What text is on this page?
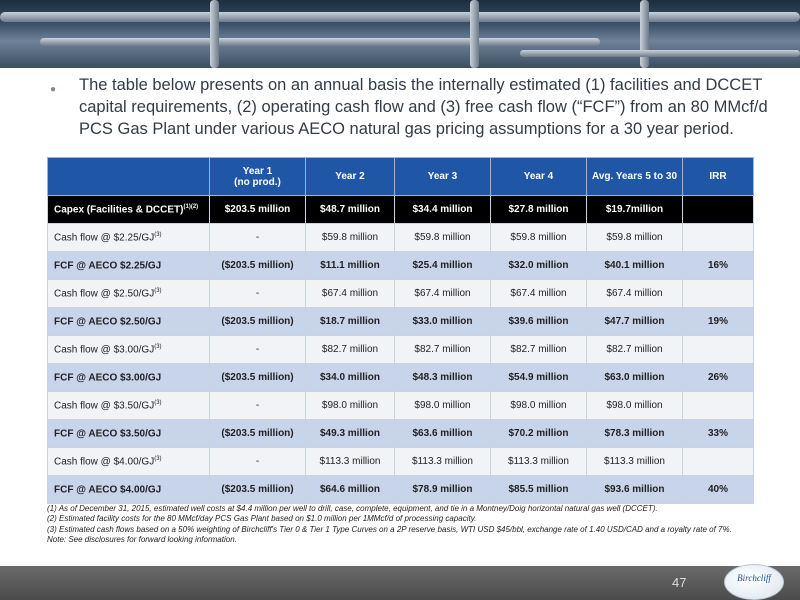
● The table below presents on an annual basis the internally estimated (1) facilities and DCCET capital requirements, (2) operating cash flow and (3) free cash flow (“FCF”) from an 80 MMcf/d PCS Gas Plant under various AECO natural gas pricing assumptions for a 30 year period.
	Year 1
(no prod.)	Year 2	Year 3	Year 4	Avg. Years 5 to 30	IRR
Capex (Facilities & DCCET)$^{(1)(2)}$	$203.5 million	$48.7 million	$34.4 million	$27.8 million	$19.7million	
Cash flow @ $2.25/GJ$^{(3)}$	-	$59.8 million	$59.8 million	$59.8 million	$59.8 million	
FCF @ AECO $2.25/GJ	($203.5 million)	$11.1 million	$25.4 million	$32.0 million	$40.1 million	16%
Cash flow @ $2.50/GJ$^{(3)}$	-	$67.4 million	$67.4 million	$67.4 million	$67.4 million	
FCF @ AECO $2.50/GJ	($203.5 million)	$18.7 million	$33.0 million	$39.6 million	$47.7 million	19%
Cash flow @ $3.00/GJ$^{(3)}$	-	$82.7 million	$82.7 million	$82.7 million	$82.7 million	
FCF @ AECO $3.00/GJ	($203.5 million)	$34.0 million	$48.3 million	$54.9 million	$63.0 million	26%
Cash flow @ $3.50/GJ$^{(3)}$	-	$98.0 million	$98.0 million	$98.0 million	$98.0 million	
FCF @ AECO $3.50/GJ	($203.5 million)	$49.3 million	$63.6 million	$70.2 million	$78.3 million	33%
Cash flow @ $4.00/GJ$^{(3)}$	-	$113.3 million	$113.3 million	$113.3 million	$113.3 million	
FCF @ AECO $4.00/GJ	($203.5 million)	$64.6 million	$78.9 million	$85.5 million	$93.6 million	40%
(1) As of December 31, 2015, estimated well costs at $4.4 million per well to drill, case, complete, equipment, and tie in a Montney/Doig horizontal natural gas well (DCCET).
(2) Estimated facility costs for the 80 MMcf/day PCS Gas Plant based on $1.0 million per 1MMcf/d of processing capacity.
(3) Estimated cash flows based on a 50% weighting of Birchcliff's Tier 0 & Tier 1 Type Curves on a 2P reserve basis, WTI USD $45/bbl, exchange rate of 1.40 USD/CAD and a royalty rate of 7%.
Note: See disclosures for forward looking information.
47	Birchcliff
